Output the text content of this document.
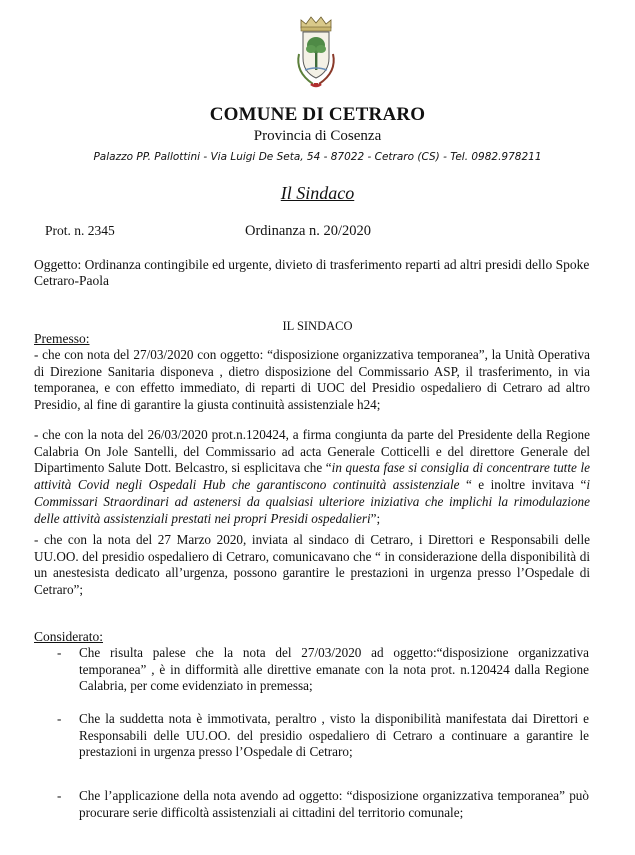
COMUNE DI CETRARO
Provincia di Cosenza
Palazzo PP. Pallottini - Via Luigi De Seta, 54 - 87022 - Cetraro (CS) - Tel. 0982.978211
Il Sindaco
Prot. n. 2345	Ordinanza n. 20/2020
Oggetto: Ordinanza contingibile ed urgente, divieto di trasferimento reparti ad altri presidi dello Spoke Cetraro-Paola
IL SINDACO
Premesso:
- che con nota del 27/03/2020 con oggetto: “disposizione organizzativa temporanea”, la Unità Operativa di Direzione Sanitaria disponeva , dietro disposizione del Commissario ASP, il trasferimento, in via temporanea, e con effetto immediato, di reparti di UOC del Presidio ospedaliero di Cetraro ad altro Presidio, al fine di garantire la giusta continuità assistenziale h24;
- che con la nota del 26/03/2020 prot.n.120424, a firma congiunta da parte del Presidente della Regione Calabria On Jole Santelli, del Commissario ad acta Generale Cotticelli e del direttore Generale del Dipartimento Salute Dott. Belcastro, si esplicitava che “in questa fase si consiglia di concentrare tutte le attività Covid negli Ospedali Hub che garantiscono continuità assistenziale “ e inoltre invitava “i Commissari Straordinari ad astenersi da qualsiasi ulteriore iniziativa che implichi la rimodulazione delle attività assistenziali prestati nei propri Presidi ospedalieri”;
- che con la nota del 27 Marzo 2020, inviata al sindaco di Cetraro, i Direttori e Responsabili delle UU.OO. del presidio ospedaliero di Cetraro, comunicavano che “ in considerazione della disponibilità di un anestesista dedicato all’urgenza, possono garantire le prestazioni in urgenza presso l’Ospedale di Cetraro”;
Considerato:
- Che risulta palese che la nota del 27/03/2020 ad oggetto:“disposizione organizzativa temporanea” , è in difformità alle direttive emanate con la nota prot. n.120424 dalla Regione Calabria, per come evidenziato in premessa;
- Che la suddetta nota è immotivata, peraltro , visto la disponibilità manifestata dai Direttori e Responsabili delle UU.OO. del presidio ospedaliero di Cetraro a continuare a garantire le prestazioni in urgenza presso l’Ospedale di Cetraro;
- Che l’applicazione della nota avendo ad oggetto: “disposizione organizzativa temporanea” può procurare serie difficoltà assistenziali ai cittadini del territorio comunale;
